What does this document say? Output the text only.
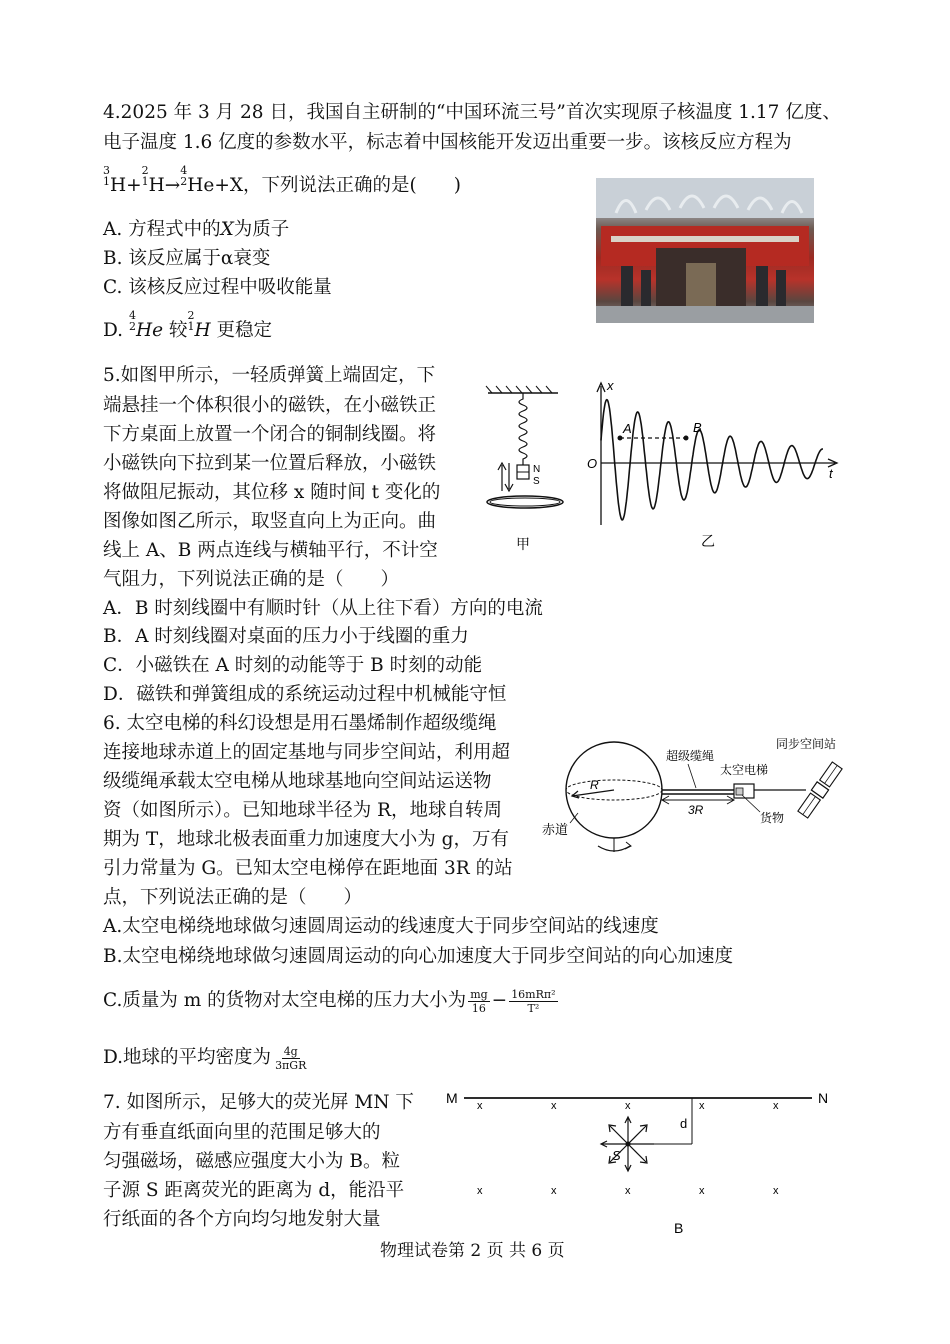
4.2025 年 3 月 28 日，我国自主研制的“中国环流三号”首次实现原子核温度 1.17 亿度、
电子温度 1.6 亿度的参数水平，标志着中国核能开发迈出重要一步。该核反应方程为
3
1H+2
1H→4
2He+X，下列说法正确的是(　　)
A. 方程式中的X为质子
B. 该反应属于α衰变
C. 该核反应过程中吸收能量
D. 4
2He 较2
1H 更稳定
5.如图甲所示，一轻质弹簧上端固定，下
端悬挂一个体积很小的磁铁，在小磁铁正
下方桌面上放置一个闭合的铜制线圈。将
小磁铁向下拉到某一位置后释放，小磁铁
将做阻尼振动，其位移 x 随时间 t 变化的
图像如图乙所示，取竖直向上为正向。曲
线上 A、B 两点连线与横轴平行，不计空
气阻力，下列说法正确的是（　　）
A．B 时刻线圈中有顺时针（从上往下看）方向的电流
B．A 时刻线圈对桌面的压力小于线圈的重力
C．小磁铁在 A 时刻的动能等于 B 时刻的动能
D．磁铁和弹簧组成的系统运动过程中机械能守恒
N
S
甲
x
t
O
A	B
乙
6. 太空电梯的科幻设想是用石墨烯制作超级缆绳
连接地球赤道上的固定基地与同步空间站，利用超
级缆绳承载太空电梯从地球基地向空间站运送物
资（如图所示）。已知地球半径为 R，地球自转周
期为 T，地球北极表面重力加速度大小为 g，万有
引力常量为 G。已知太空电梯停在距地面 3R 的站
点，下列说法正确的是（　　）
A.太空电梯绕地球做匀速圆周运动的线速度大于同步空间站的线速度
B.太空电梯绕地球做匀速圆周运动的向心加速度大于同步空间站的向心加速度
C.质量为 m 的货物对太空电梯的压力大小为 $\frac{mg}{16} - \frac{\text{16mRπ²}}{\text{T²}}$
D.地球的平均密度为 $\frac{4g}{\text{3πGR}}$
R
赤道
3R
超级缆绳
太空电梯
货物
同步空间站
7. 如图所示，足够大的荧光屏 MN 下
方有垂直纸面向里的范围足够大的
匀强磁场，磁感应强度大小为 B。粒
子源 S 距离荧光的距离为 d，能沿平
行纸面的各个方向均匀地发射大量
M	N
x	x	x	x	x
x	x	x	x	x
d
S
B
物理试卷第 2 页 共 6 页
